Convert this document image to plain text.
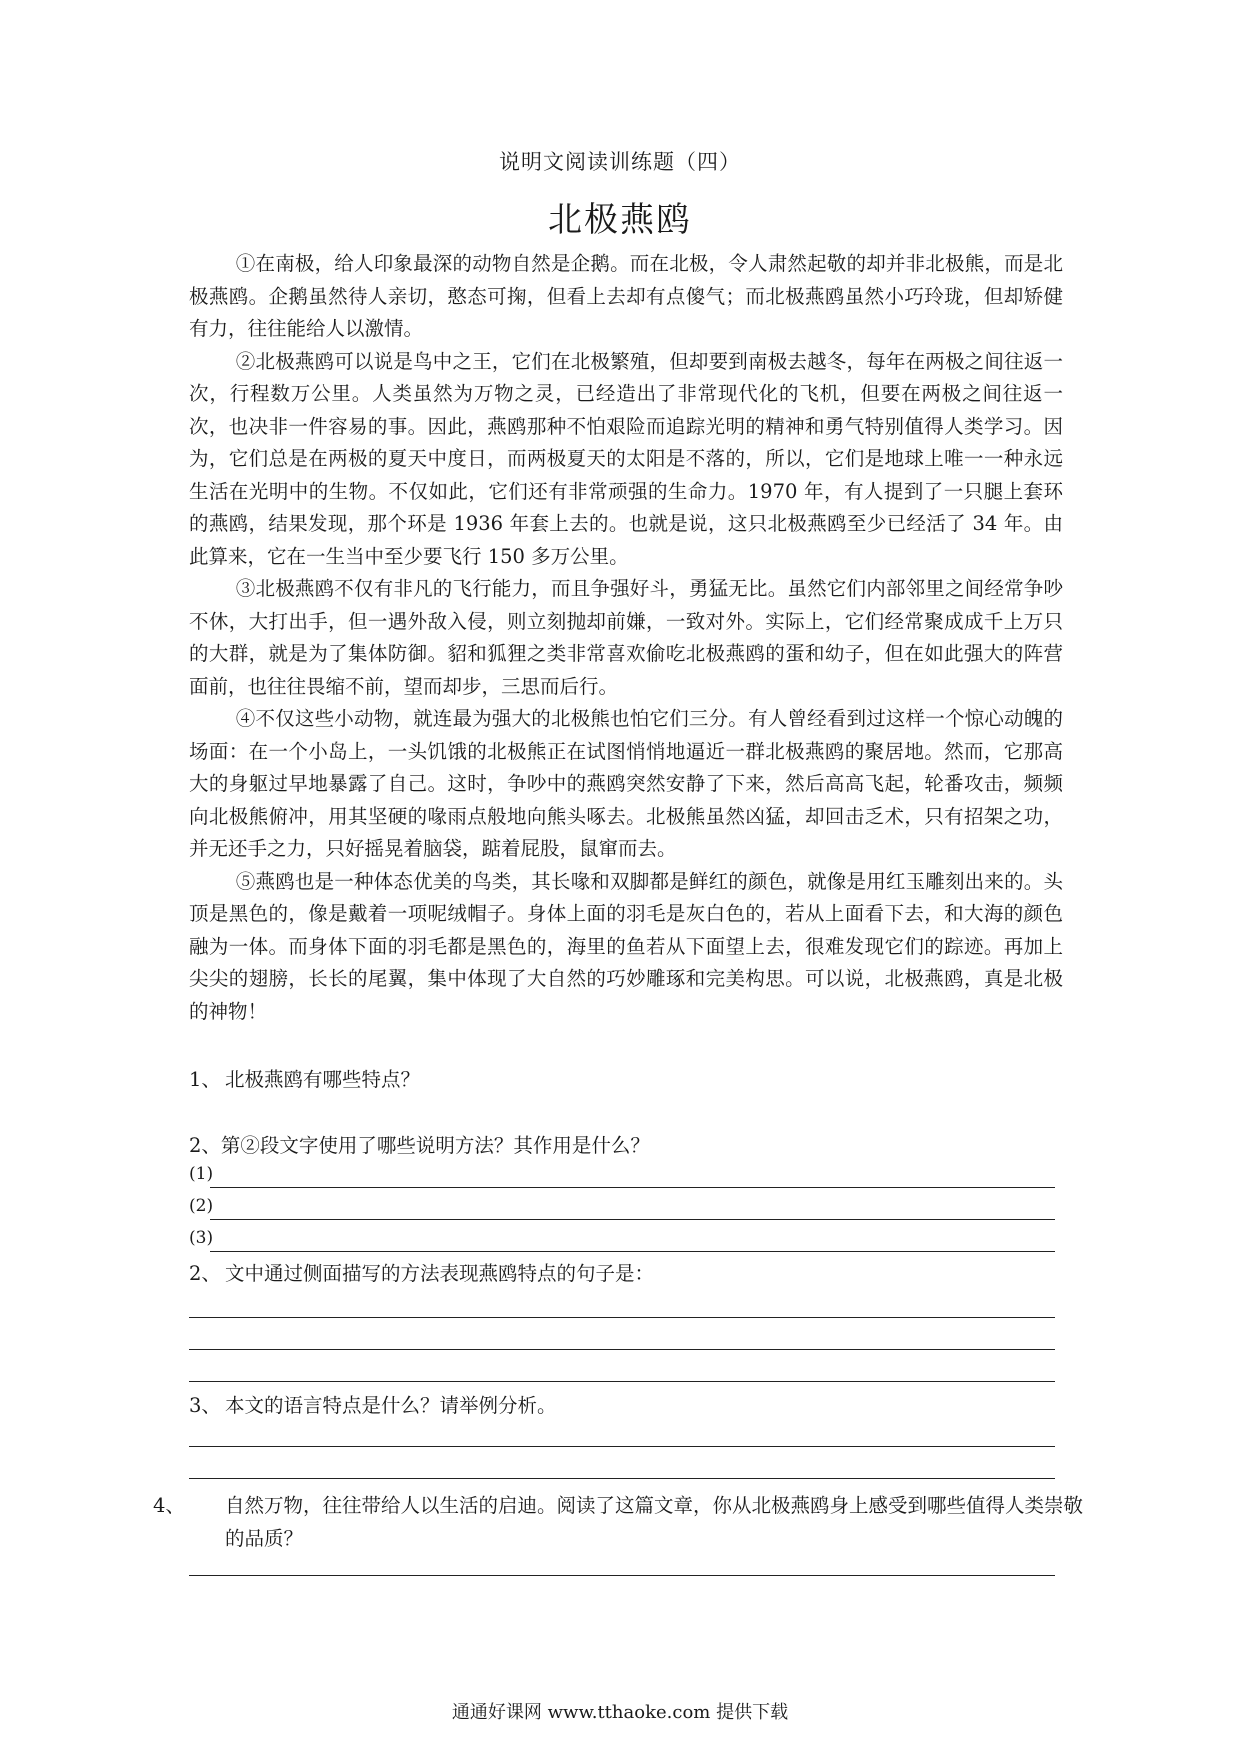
说明文阅读训练题（四）
北极燕鸥

①在南极，给人印象最深的动物自然是企鹅。而在北极，令人肃然起敬的却并非北极熊，而是北极燕鸥。企鹅虽然待人亲切，憨态可掬，但看上去却有点傻气；而北极燕鸥虽然小巧玲珑，但却矫健有力，往往能给人以激情。

②北极燕鸥可以说是鸟中之王，它们在北极繁殖，但却要到南极去越冬，每年在两极之间往返一次，行程数万公里。人类虽然为万物之灵，已经造出了非常现代化的飞机，但要在两极之间往返一次，也决非一件容易的事。因此，燕鸥那种不怕艰险而追踪光明的精神和勇气特别值得人类学习。因为，它们总是在两极的夏天中度日，而两极夏天的太阳是不落的，所以，它们是地球上唯一一种永远生活在光明中的生物。不仅如此，它们还有非常顽强的生命力。1970 年，有人提到了一只腿上套环的燕鸥，结果发现，那个环是 1936 年套上去的。也就是说，这只北极燕鸥至少已经活了 34 年。由此算来，它在一生当中至少要飞行 150 多万公里。

③北极燕鸥不仅有非凡的飞行能力，而且争强好斗，勇猛无比。虽然它们内部邻里之间经常争吵不休，大打出手，但一遇外敌入侵，则立刻抛却前嫌，一致对外。实际上，它们经常聚成成千上万只的大群，就是为了集体防御。貂和狐狸之类非常喜欢偷吃北极燕鸥的蛋和幼子，但在如此强大的阵营面前，也往往畏缩不前，望而却步，三思而后行。

④不仅这些小动物，就连最为强大的北极熊也怕它们三分。有人曾经看到过这样一个惊心动魄的场面：在一个小岛上，一头饥饿的北极熊正在试图悄悄地逼近一群北极燕鸥的聚居地。然而，它那高大的身躯过早地暴露了自己。这时，争吵中的燕鸥突然安静了下来，然后高高飞起，轮番攻击，频频向北极熊俯冲，用其坚硬的喙雨点般地向熊头啄去。北极熊虽然凶猛，却回击乏术，只有招架之功，并无还手之力，只好摇晃着脑袋，踮着屁股，鼠窜而去。

⑤燕鸥也是一种体态优美的鸟类，其长喙和双脚都是鲜红的颜色，就像是用红玉雕刻出来的。头顶是黑色的，像是戴着一项呢绒帽子。身体上面的羽毛是灰白色的，若从上面看下去，和大海的颜色融为一体。而身体下面的羽毛都是黑色的，海里的鱼若从下面望上去，很难发现它们的踪迹。再加上尖尖的翅膀，长长的尾翼，集中体现了大自然的巧妙雕琢和完美构思。可以说，北极燕鸥，真是北极的神物！

1、 北极燕鸥有哪些特点？
2、第②段文字使用了哪些说明方法？其作用是什么？
(1)
(2)
(3)
2、 文中通过侧面描写的方法表现燕鸥特点的句子是：
3、 本文的语言特点是什么？请举例分析。
4、 自然万物，往往带给人以生活的启迪。阅读了这篇文章，你从北极燕鸥身上感受到哪些值得人类崇敬的品质？
通通好课网 www.tthaoke.com 提供下载
